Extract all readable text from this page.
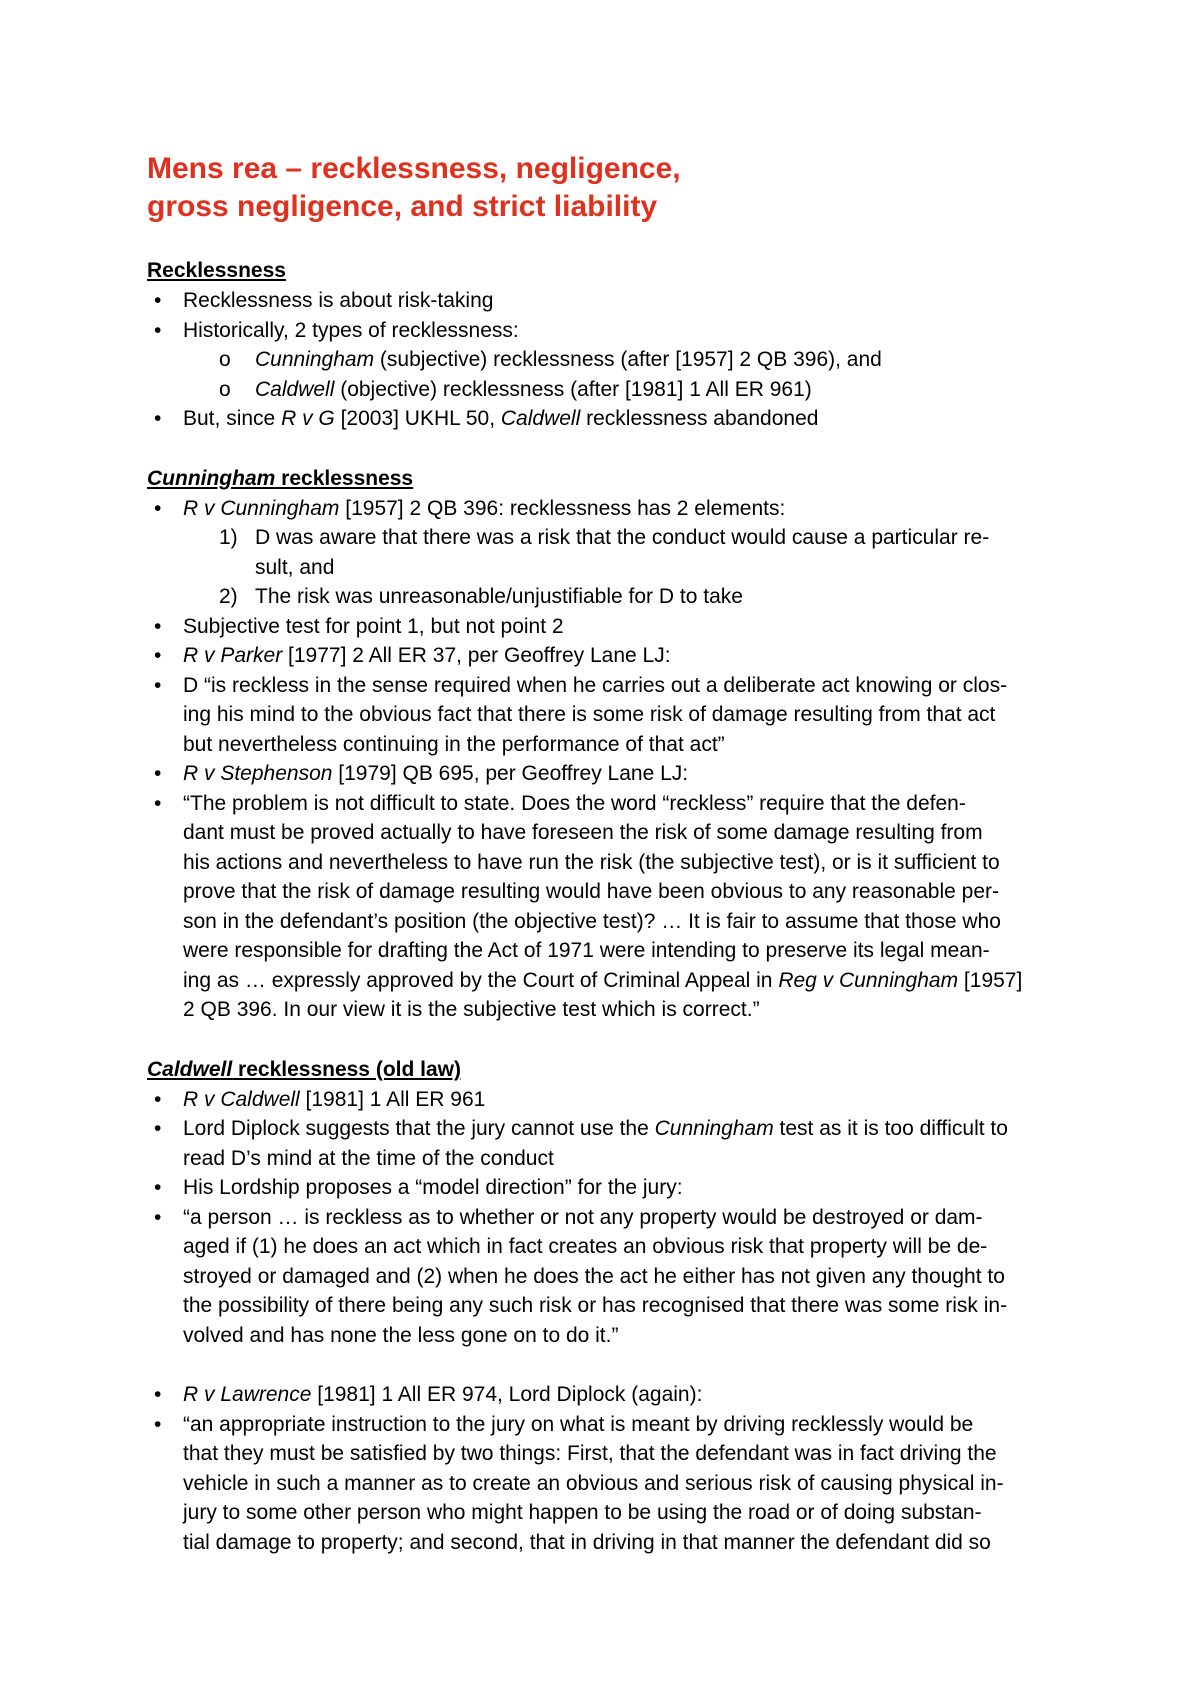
Mens rea – recklessness, negligence,
gross negligence, and strict liability
Recklessness
• Recklessness is about risk-taking
• Historically, 2 types of recklessness:
o Cunningham (subjective) recklessness (after [1957] 2 QB 396), and
o Caldwell (objective) recklessness (after [1981] 1 All ER 961)
• But, since R v G [2003] UKHL 50, Caldwell recklessness abandoned
Cunningham recklessness
• R v Cunningham [1957] 2 QB 396: recklessness has 2 elements:
1) D was aware that there was a risk that the conduct would cause a particular re-
sult, and
2) The risk was unreasonable/unjustifiable for D to take
• Subjective test for point 1, but not point 2
• R v Parker [1977] 2 All ER 37, per Geoffrey Lane LJ:
• D “is reckless in the sense required when he carries out a deliberate act knowing or clos-
ing his mind to the obvious fact that there is some risk of damage resulting from that act
but nevertheless continuing in the performance of that act”
• R v Stephenson [1979] QB 695, per Geoffrey Lane LJ:
• “The problem is not difficult to state. Does the word “reckless” require that the defen-
dant must be proved actually to have foreseen the risk of some damage resulting from
his actions and nevertheless to have run the risk (the subjective test), or is it sufficient to
prove that the risk of damage resulting would have been obvious to any reasonable per-
son in the defendant’s position (the objective test)? … It is fair to assume that those who
were responsible for drafting the Act of 1971 were intending to preserve its legal mean-
ing as … expressly approved by the Court of Criminal Appeal in Reg v Cunningham [1957]
2 QB 396. In our view it is the subjective test which is correct.”
Caldwell recklessness (old law)
• R v Caldwell [1981] 1 All ER 961
• Lord Diplock suggests that the jury cannot use the Cunningham test as it is too difficult to
read D’s mind at the time of the conduct
• His Lordship proposes a “model direction” for the jury:
• “a person … is reckless as to whether or not any property would be destroyed or dam-
aged if (1) he does an act which in fact creates an obvious risk that property will be de-
stroyed or damaged and (2) when he does the act he either has not given any thought to
the possibility of there being any such risk or has recognised that there was some risk in-
volved and has none the less gone on to do it.”
• R v Lawrence [1981] 1 All ER 974, Lord Diplock (again):
• “an appropriate instruction to the jury on what is meant by driving recklessly would be
that they must be satisfied by two things: First, that the defendant was in fact driving the
vehicle in such a manner as to create an obvious and serious risk of causing physical in-
jury to some other person who might happen to be using the road or of doing substan-
tial damage to property; and second, that in driving in that manner the defendant did so
